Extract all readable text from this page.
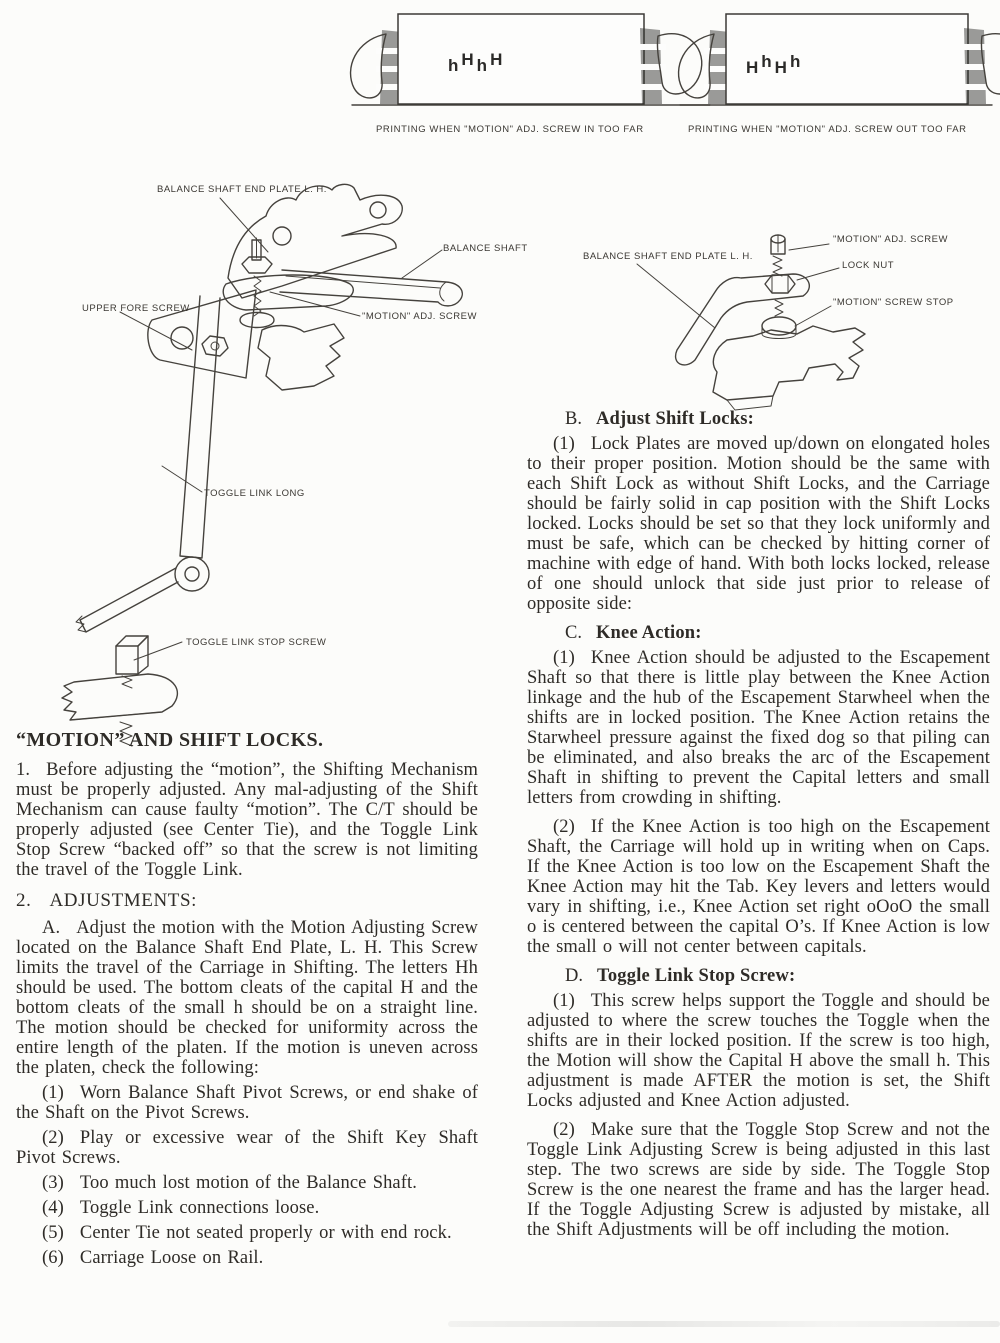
h H h H
PRINTING WHEN "MOTION" ADJ. SCREW IN TOO FAR
H h H h
PRINTING WHEN "MOTION" ADJ. SCREW OUT TOO FAR
BALANCE SHAFT END PLATE L. H.
BALANCE SHAFT
UPPER FORE SCREW
"MOTION" ADJ. SCREW
TOGGLE LINK LONG
TOGGLE LINK STOP SCREW
"MOTION" ADJ. SCREW
BALANCE SHAFT END PLATE L. H.
LOCK NUT
"MOTION" SCREW STOP

“MOTION” AND SHIFT LOCKS.

1. Before adjusting the “motion”, the Shifting Mechanism must be properly adjusted. Any mal-adjusting of the Shift Mechanism can cause faulty “motion”. The C/T should be properly adjusted (see Center Tie), and the Toggle Link Stop Screw “backed off” so that the screw is not limiting the travel of the Toggle Link.

2. ADJUSTMENTS:

A. Adjust the motion with the Motion Adjusting Screw located on the Balance Shaft End Plate, L. H. This Screw limits the travel of the Carriage in Shifting. The letters Hh should be used. The bottom cleats of the capital H and the bottom cleats of the small h should be on a straight line. The motion should be checked for uniformity across the entire length of the platen. If the motion is uneven across the platen, check the following:

(1) Worn Balance Shaft Pivot Screws, or end shake of the Shaft on the Pivot Screws.

(2) Play or excessive wear of the Shift Key Shaft Pivot Screws.

(3) Too much lost motion of the Balance Shaft.

(4) Toggle Link connections loose.

(5) Center Tie not seated properly or with end rock.

(6) Carriage Loose on Rail.

B. Adjust Shift Locks:

(1) Lock Plates are moved up/down on elongated holes to their proper position. Motion should be the same with each Shift Lock as without Shift Locks, and the Carriage should be fairly solid in cap position with the Shift Locks locked. Locks should be set so that they lock uniformly and must be safe, which can be checked by hitting corner of machine with edge of hand. With both locks locked, release of one should unlock that side just prior to release of opposite side:

C. Knee Action:

(1) Knee Action should be adjusted to the Escapement Shaft so that there is little play between the Knee Action linkage and the hub of the Escapement Starwheel when the shifts are in locked position. The Knee Action retains the Starwheel pressure against the fixed dog so that piling can be eliminated, and also breaks the arc of the Escapement Shaft in shifting to prevent the Capital letters and small letters from crowding in shifting.

(2) If the Knee Action is too high on the Escapement Shaft, the Carriage will hold up in writing when on Caps. If the Knee Action is too low on the Escapement Shaft the Knee Action may hit the Tab. Key levers and letters would vary in shifting, i.e., Knee Action set right oOoO the small o is centered between the capital O’s. If Knee Action is low the small o will not center between capitals.

D. Toggle Link Stop Screw:

(1) This screw helps support the Toggle and should be adjusted to where the screw touches the Toggle when the shifts are in their locked position. If the screw is too high, the Motion will show the Capital H above the small h. This adjustment is made AFTER the motion is set, the Shift Locks adjusted and Knee Action adjusted.

(2) Make sure that the Toggle Stop Screw and not the Toggle Link Adjusting Screw is being adjusted in this last step. The two screws are side by side. The Toggle Stop Screw is the one nearest the frame and has the larger head. If the Toggle Adjusting Screw is adjusted by mistake, all the Shift Adjustments will be off including the motion.
